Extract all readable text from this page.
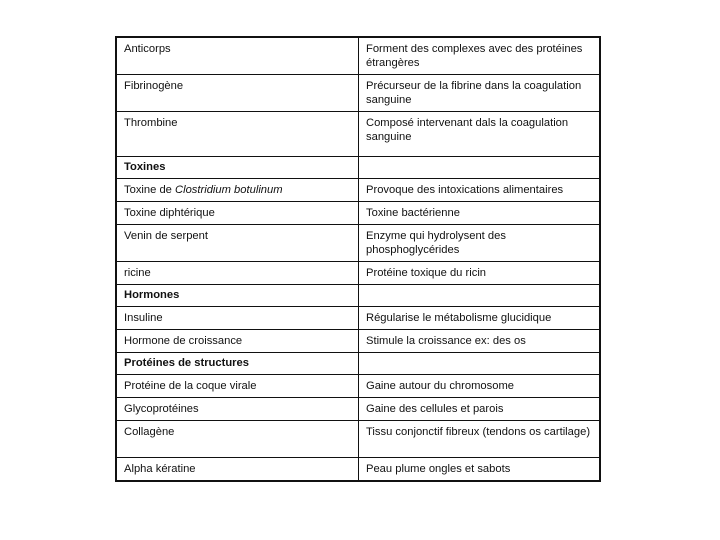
Anticorps	Forment des complexes avec des protéines étrangères
Fibrinogène	Précurseur de la fibrine dans la coagulation sanguine
Thrombine	Composé intervenant dals la coagulation sanguine
Toxines	
Toxine de Clostridium botulinum	Provoque des intoxications alimentaires
Toxine diphtérique	Toxine bactérienne
Venin de serpent	Enzyme qui hydrolysent des phosphoglycérides
ricine	Protéine toxique du ricin
Hormones	
Insuline	Régularise le métabolisme glucidique
Hormone de croissance	Stimule la croissance ex: des os
Protéines de structures	
Protéine de la coque virale	Gaine autour du chromosome
Glycoprotéines	Gaine des cellules et parois
Collagène	Tissu conjonctif fibreux (tendons os cartilage)
Alpha kératine	Peau plume ongles et sabots
